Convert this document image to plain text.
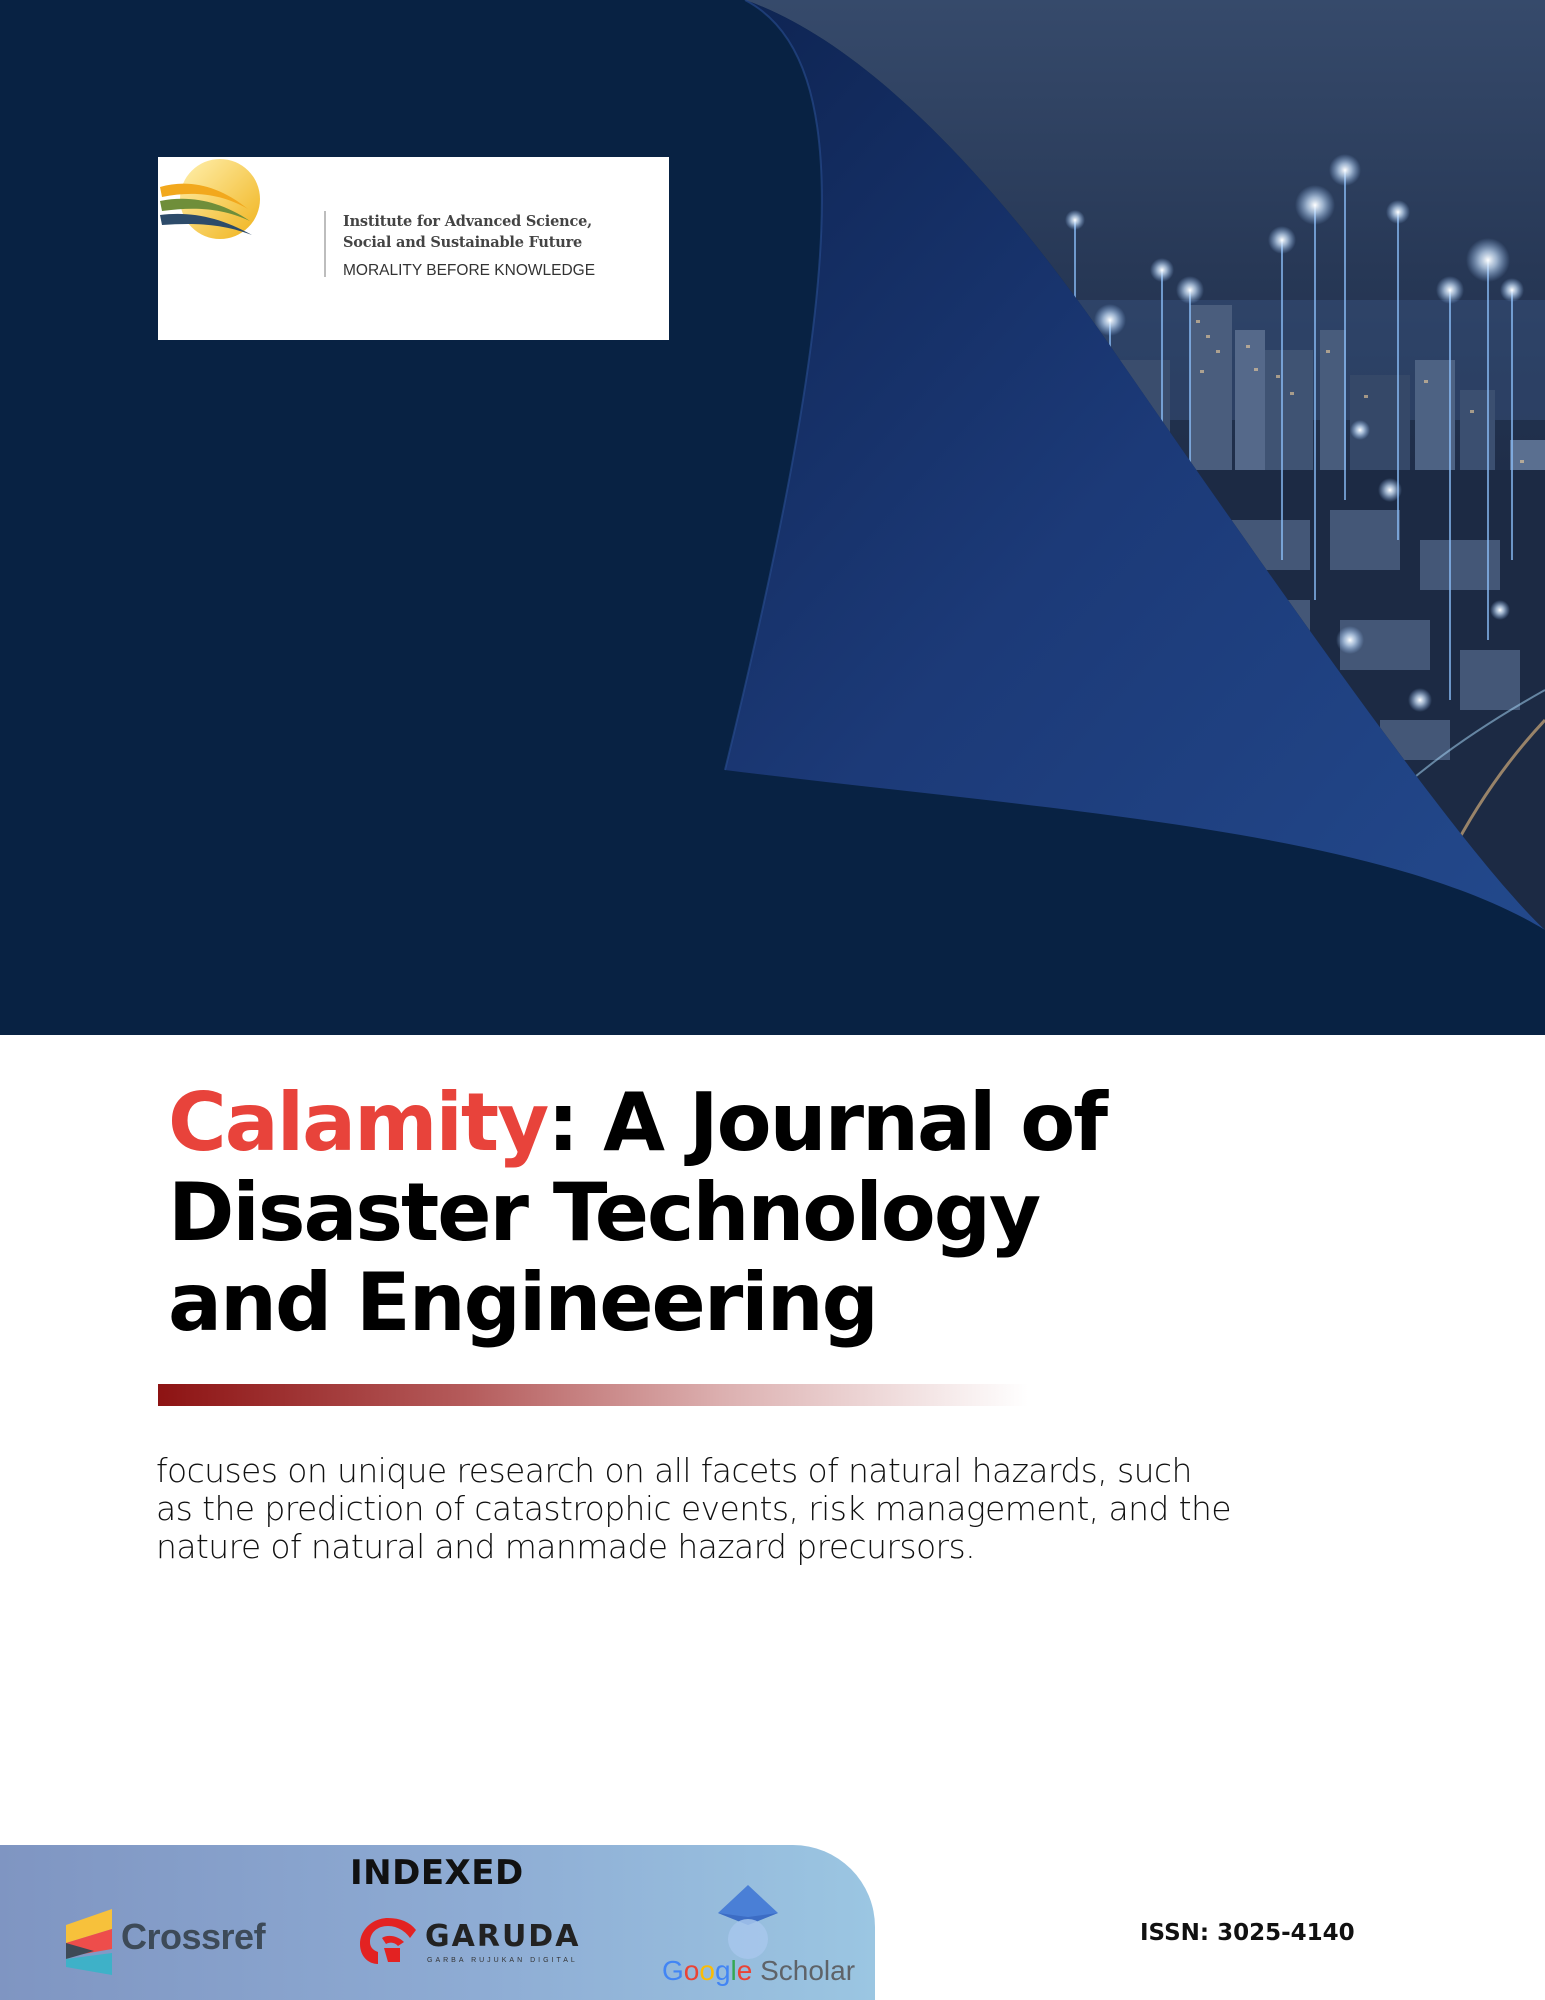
Institute for Advanced Science,
Social and Sustainable Future
MORALITY BEFORE KNOWLEDGE
Calamity: A Journal of
Disaster Technology
and Engineering

focuses on unique research on all facets of natural hazards, such
as the prediction of catastrophic events, risk management, and the
nature of natural and manmade hazard precursors.

INDEXED
Crossref	GARUDA
GARBA RUJUKAN DIGITAL	Google Scholar
ISSN: 3025-4140
